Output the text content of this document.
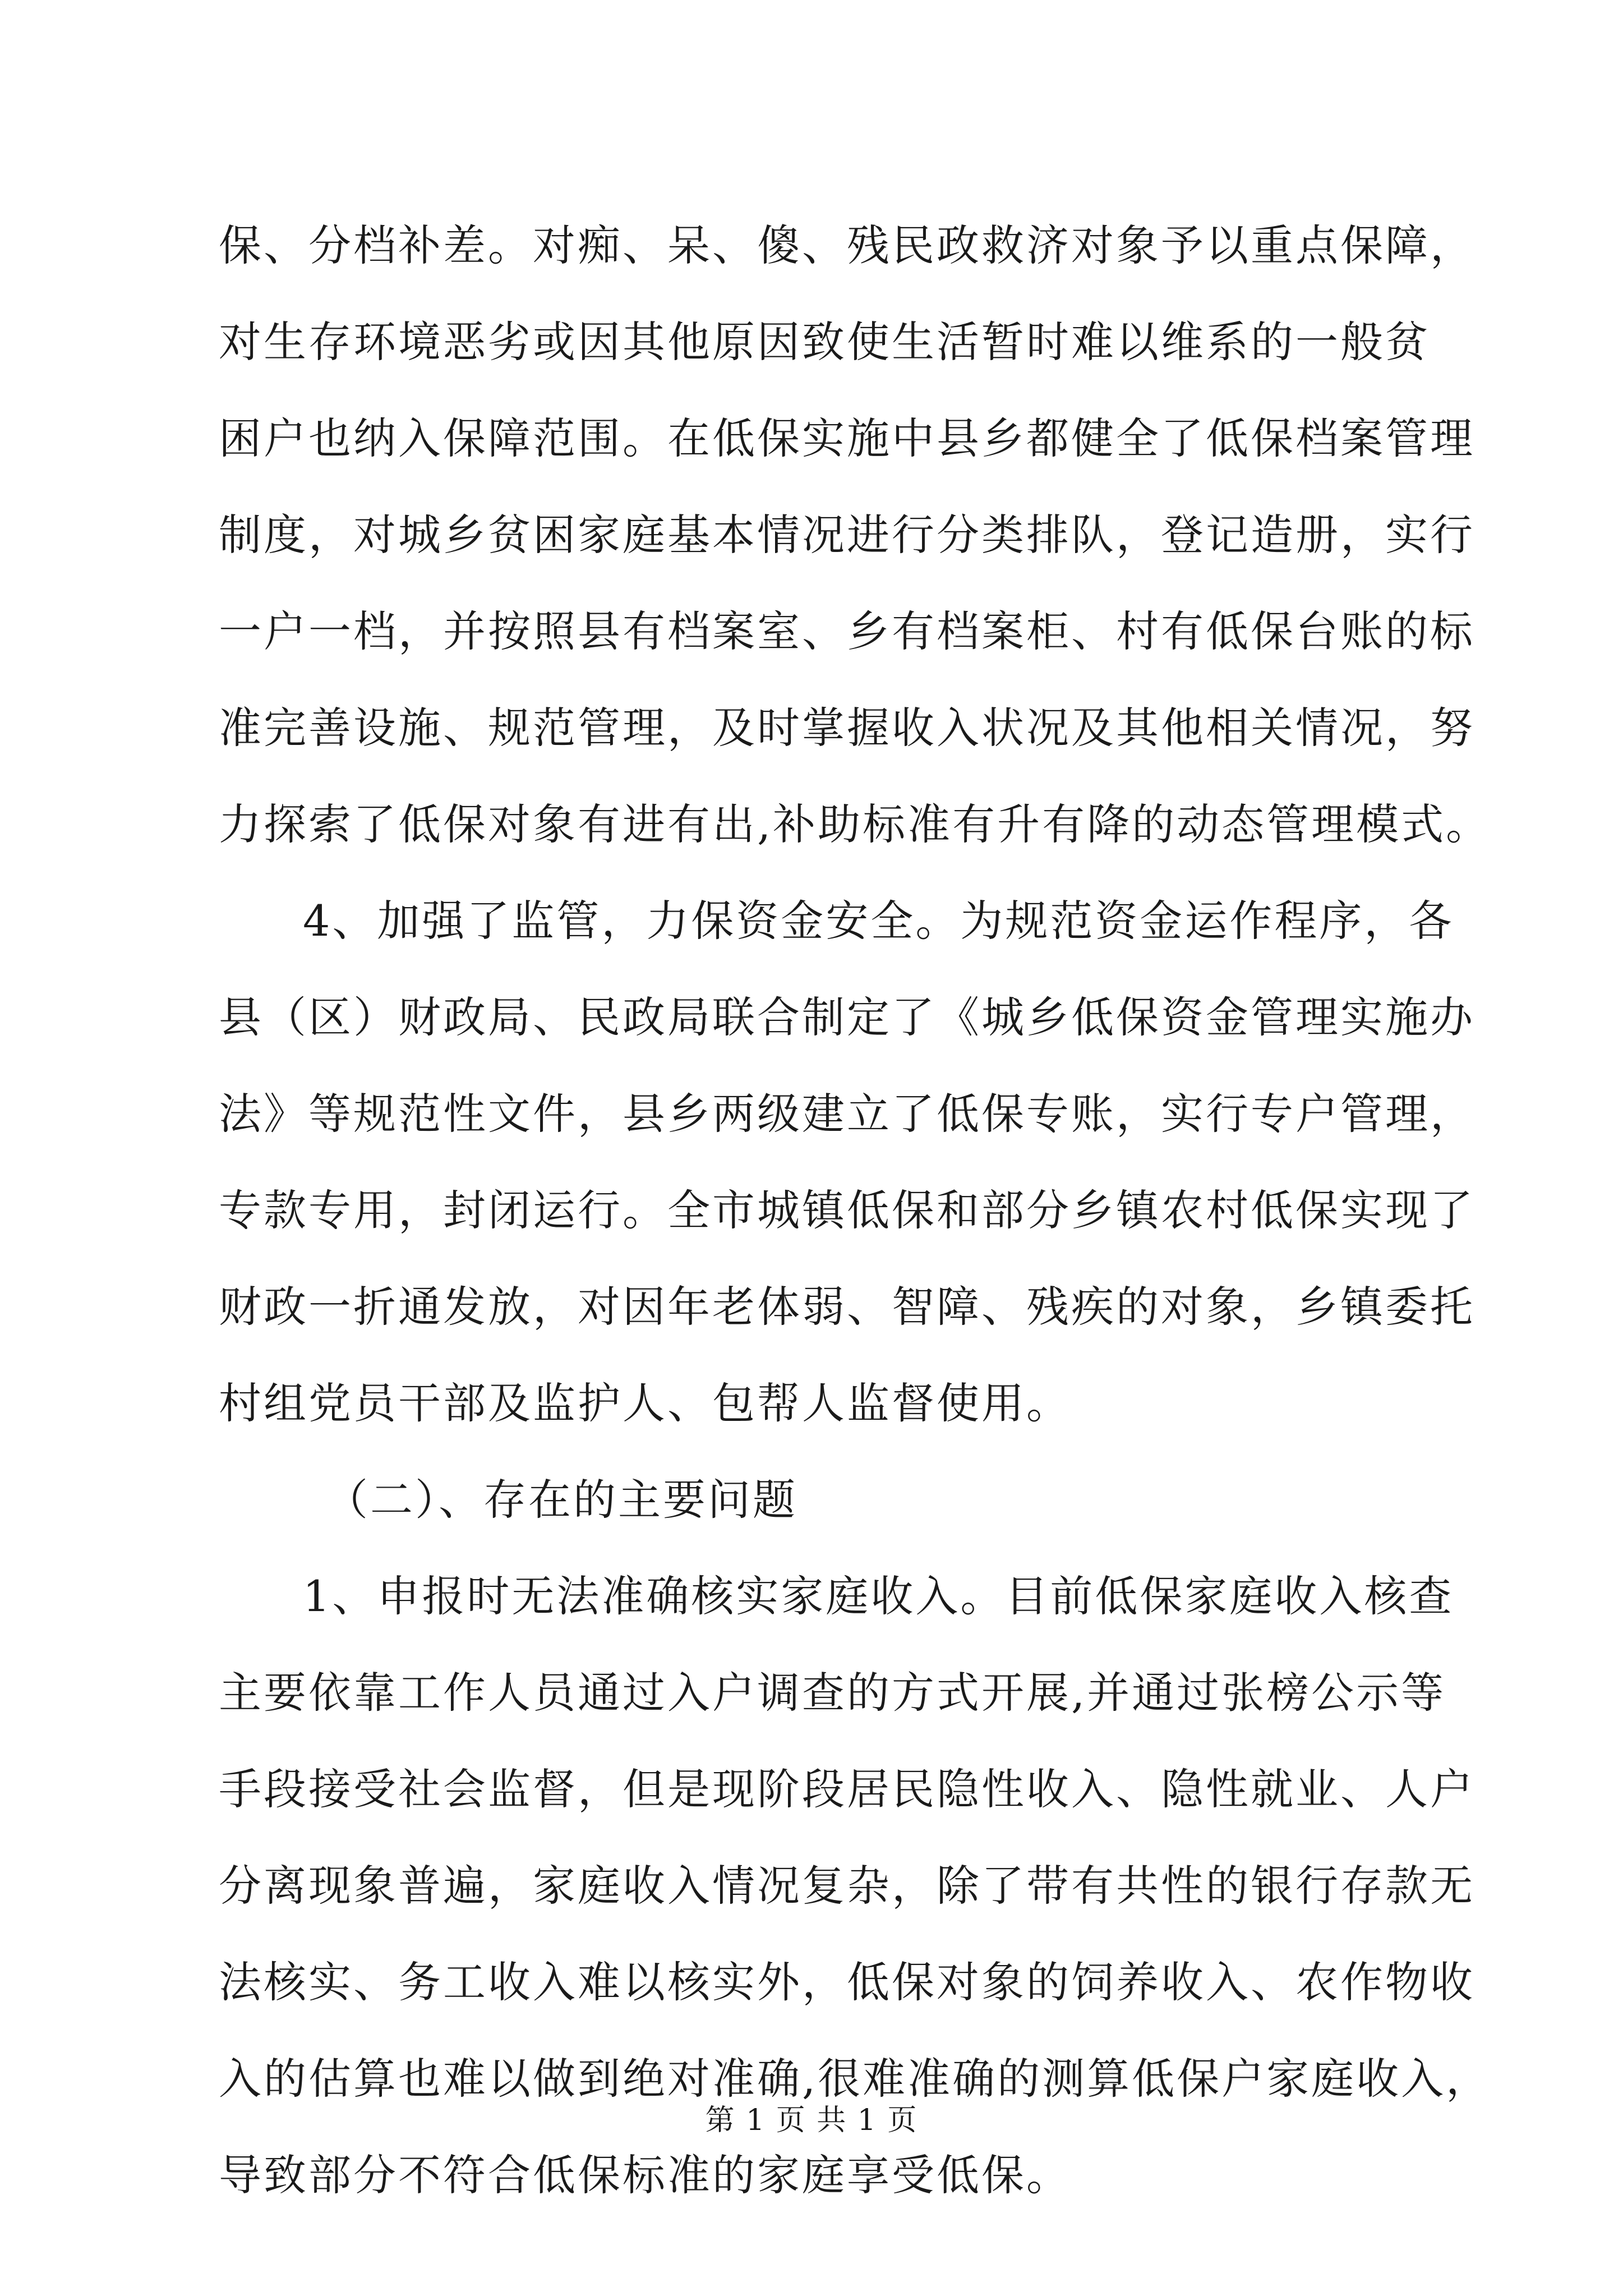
保、分档补差。对痴、呆、傻、残民政救济对象予以重点保障，
对生存环境恶劣或因其他原因致使生活暂时难以维系的一般贫
困户也纳入保障范围。在低保实施中县乡都健全了低保档案管理
制度，对城乡贫困家庭基本情况进行分类排队，登记造册，实行
一户一档，并按照县有档案室、乡有档案柜、村有低保台账的标
准完善设施、规范管理，及时掌握收入状况及其他相关情况，努
力探索了低保对象有进有出,补助标准有升有降的动态管理模式。
4、加强了监管，力保资金安全。为规范资金运作程序，各
县（区）财政局、民政局联合制定了《城乡低保资金管理实施办
法》等规范性文件，县乡两级建立了低保专账，实行专户管理，
专款专用，封闭运行。全市城镇低保和部分乡镇农村低保实现了
财政一折通发放，对因年老体弱、智障、残疾的对象，乡镇委托
村组党员干部及监护人、包帮人监督使用。
（二）、存在的主要问题
1、申报时无法准确核实家庭收入。目前低保家庭收入核查
主要依靠工作人员通过入户调查的方式开展,并通过张榜公示等
手段接受社会监督，但是现阶段居民隐性收入、隐性就业、人户
分离现象普遍，家庭收入情况复杂，除了带有共性的银行存款无
法核实、务工收入难以核实外，低保对象的饲养收入、农作物收
入的估算也难以做到绝对准确,很难准确的测算低保户家庭收入，
导致部分不符合低保标准的家庭享受低保。
第 1 页 共 1 页
